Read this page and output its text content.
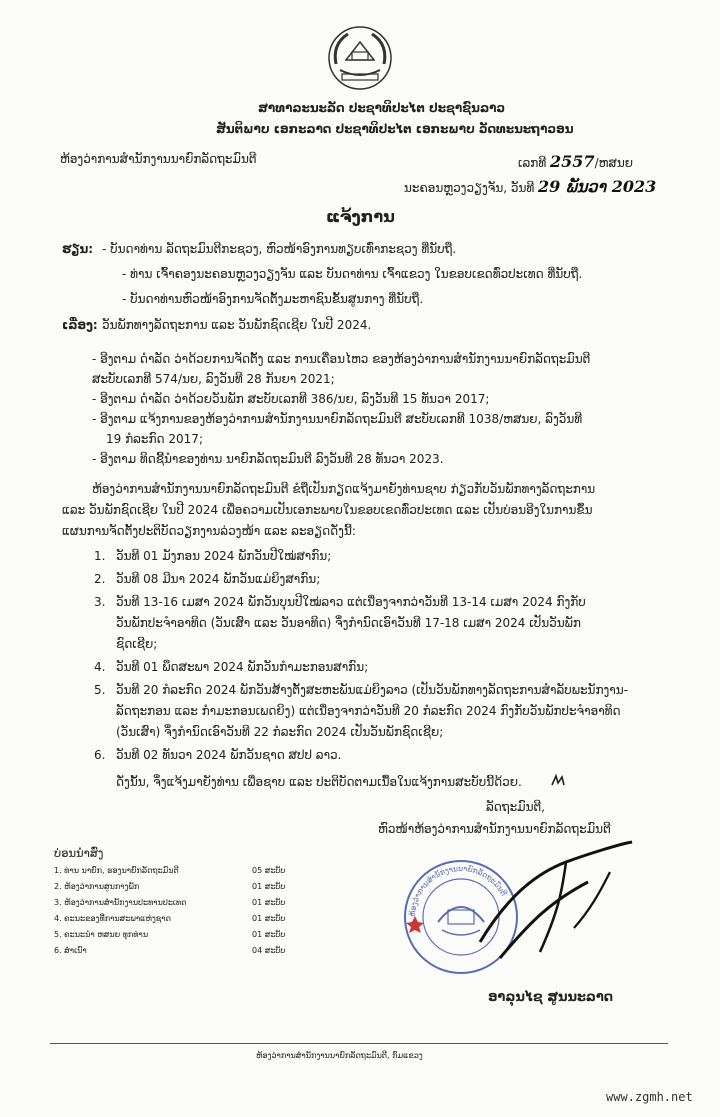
ສາທາລະນະລັດ ປະຊາທິປະໄຕ ປະຊາຊົນລາວ
ສັນຕິພາບ ເອກະລາດ ປະຊາທິປະໄຕ ເອກະພາບ ວັດທະນະຖາວອນ
ຫ້ອງວ່າການສຳນັກງານນາຍົກລັດຖະມົນຕີ	ເລກທີ 2557/ຫສນຍ
ນະຄອນຫຼວງວຽງຈັນ, ວັນທີ 29 ພັນວາ 2023
ແຈ້ງການ
ຮຽນ: - ບັນດາທ່ານ ລັດຖະມົນຕີກະຊວງ, ຫົວໜ້າອົງການທຽບເທົ່າກະຊວງ ທີ່ນັບຖື.
- ທ່ານ ເຈົ້າຄອງນະຄອນຫຼວງວຽງຈັນ ແລະ ບັນດາທ່ານ ເຈົ້າແຂວງ ໃນຂອບເຂດທົ່ວປະເທດ ທີ່ນັບຖື.
- ບັນດາທ່ານຫົວໜ້າອົງການຈັດຕັ້ງມະຫາຊົນຂັ້ນສູນກາງ ທີ່ນັບຖື.
ເລື່ອງ: ວັນພັກທາງລັດຖະການ ແລະ ວັນພັກຊົດເຊີຍ ໃນປີ 2024.
- ອີງຕາມ ດຳລັດ ວ່າດ້ວຍການຈັດຕັ້ງ ແລະ ການເຄື່ອນໄຫວ ຂອງຫ້ອງວ່າການສຳນັກງານນາຍົກລັດຖະມົນຕີ
ສະບັບເລກທີ 574/ນຍ, ລົງວັນທີ 28 ກັນຍາ 2021;
- ອີງຕາມ ດຳລັດ ວ່າດ້ວຍວັນພັກ ສະບັບເລກທີ 386/ນຍ, ລົງວັນທີ 15 ທັນວາ 2017;
- ອີງຕາມ ແຈ້ງການຂອງຫ້ອງວ່າການສຳນັກງານນາຍົກລັດຖະມົນຕີ ສະບັບເລກທີ 1038/ຫສນຍ, ລົງວັນທີ
19 ກໍລະກົດ 2017;
- ອີງຕາມ ທິດຊີ້ນຳຂອງທ່ານ ນາຍົກລັດຖະມົນຕີ ລົງວັນທີ 28 ທັນວາ 2023.
ຫ້ອງວ່າການສຳນັກງານນາຍົກລັດຖະມົນຕີ ຂໍຖືເປັນກຽດແຈ້ງມາຍັງທ່ານຊາບ ກ່ຽວກັບວັນພັກທາງລັດຖະການ
ແລະ ວັນພັກຊົດເຊີຍ ໃນປີ 2024 ເພື່ອຄວາມເປັນເອກະພາບໃນຂອບເຂດທົ່ວປະເທດ ແລະ ເປັນບ່ອນອີງໃນການຂຶ້ນ
ແຜນການຈັດຕັ້ງປະຕິບັດວຽກງານລ່ວງໜ້າ ແລະ ລະອຽດດັ່ງນີ້:
1. ວັນທີ 01 ມັງກອນ 2024 ພັກວັນປີໃໝ່ສາກົນ;
2. ວັນທີ 08 ມີນາ 2024 ພັກວັນແມ່ຍິງສາກົນ;
3. ວັນທີ 13-16 ເມສາ 2024 ພັກວັນບຸນປີໃໝ່ລາວ ແຕ່ເນື່ອງຈາກວ່າວັນທີ 13-14 ເມສາ 2024 ກົງກັບ
ວັນພັກປະຈຳອາທິດ (ວັນເສົາ ແລະ ວັນອາທິດ) ຈຶ່ງກຳນົດເອົາວັນທີ 17-18 ເມສາ 2024 ເປັນວັນພັກ
ຊົດເຊີຍ;
4. ວັນທີ 01 ພຶດສະພາ 2024 ພັກວັນກຳມະກອນສາກົນ;
5. ວັນທີ 20 ກໍລະກົດ 2024 ພັກວັນສ້າງຕັ້ງສະຫະພັນແມ່ຍິງລາວ (ເປັນວັນພັກທາງລັດຖະການສຳລັບພະນັກງານ-
ລັດຖະກອນ ແລະ ກຳມະກອນເພດຍິງ) ແຕ່ເນື່ອງຈາກວ່າວັນທີ 20 ກໍລະກົດ 2024 ກົງກັບວັນພັກປະຈຳອາທິດ
(ວັນເສົາ) ຈຶ່ງກຳນົດເອົາວັນທີ 22 ກໍລະກົດ 2024 ເປັນວັນພັກຊົດເຊີຍ;
6. ວັນທີ 02 ທັນວາ 2024 ພັກວັນຊາດ ສປປ ລາວ.
ດັ່ງນັ້ນ, ຈຶ່ງແຈ້ງມາຍັງທ່ານ ເພື່ອຊາບ ແລະ ປະຕິບັດຕາມເນື້ອໃນແຈ້ງການສະບັບນີ້ດ້ວຍ.
ລັດຖະມົນຕີ,
ຫົວໜ້າຫ້ອງວ່າການສຳນັກງານນາຍົກລັດຖະມົນຕີ
ບ່ອນນຳສົ່ງ
1. ທ່ານ ນາຍົກ, ຮອງນາຍົກລັດຖະມົນຕີ	05 ສະບັບ
2. ຫ້ອງວ່າການສູນກາງພັກ	01 ສະບັບ
3. ຫ້ອງວ່າການສຳນັກງານປະທານປະເທດ	01 ສະບັບ
4. ຄະນະຂອງທີ່ການສະພາແຫ່ງຊາດ	01 ສະບັບ
5. ຄະນະນຳ ຫສນຍ ທຸກທ່ານ	01 ສະບັບ
6. ສຳເນົາ	04 ສະບັບ
ຫ້ອງວ່າການສຳນັກງານນາຍົກລັດຖະມົນຕີ
ອາລຸນໄຊ ສູນນະລາດ
ຫ້ອງວ່າການສຳນັກງານນາຍົກລັດຖະມົນຕີ, ກົມແຂວງ
www.zgmh.net
